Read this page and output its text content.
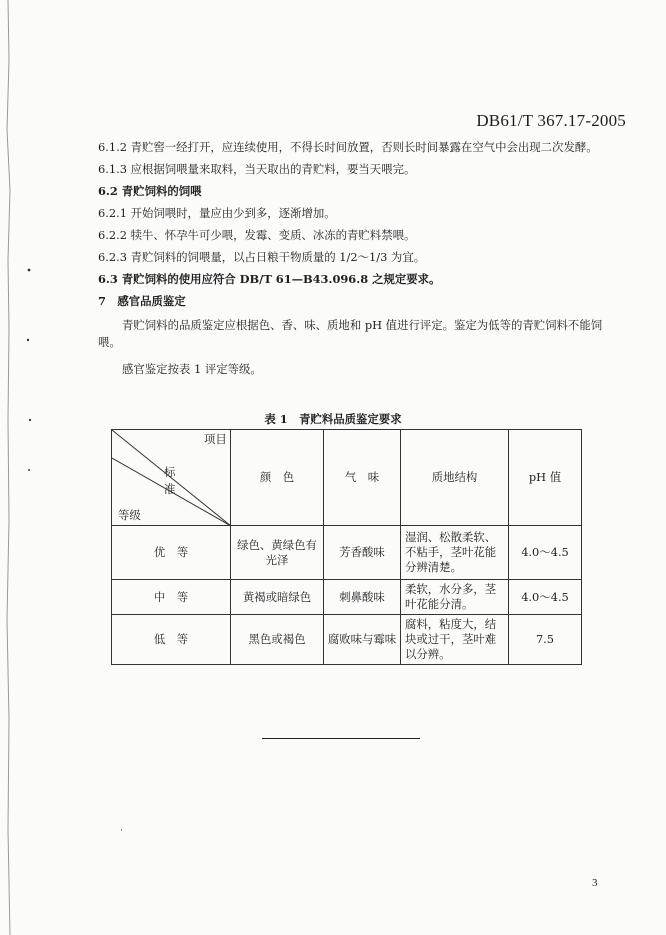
DB61/T 367.17-2005
6.1.2 青贮窖一经打开，应连续使用，不得长时间放置，否则长时间暴露在空气中会出现二次发酵。
6.1.3 应根据饲喂量来取料，当天取出的青贮料，要当天喂完。
6.2 青贮饲料的饲喂
6.2.1 开始饲喂时，量应由少到多，逐渐增加。
6.2.2 犊牛、怀孕牛可少喂，发霉、变质、冰冻的青贮料禁喂。
6.2.3 青贮饲料的饲喂量，以占日粮干物质量的 1/2～1/3 为宜。
6.3 青贮饲料的使用应符合 DB/T 61—B43.096.8 之规定要求。
7　感官品质鉴定
青贮饲料的品质鉴定应根据色、香、味、质地和 pH 值进行评定。鉴定为低等的青贮饲料不能饲
喂。
感官鉴定按表 1 评定等级。
表 1　青贮料品质鉴定要求
项目
标
准
等级	颜　色	气　味	质地结构	pH 值
优　等	绿色、黄绿色有光泽	芳香酸味	湿润、松散柔软、不粘手，茎叶花能分辨清楚。	4.0～4.5
中　等	黄褐或暗绿色	刺鼻酸味	柔软，水分多，茎叶花能分清。	4.0～4.5
低　等	黑色或褐色	腐败味与霉味	腐料，粘度大，结块或过干，茎叶难以分辨。	7.5
·
3
